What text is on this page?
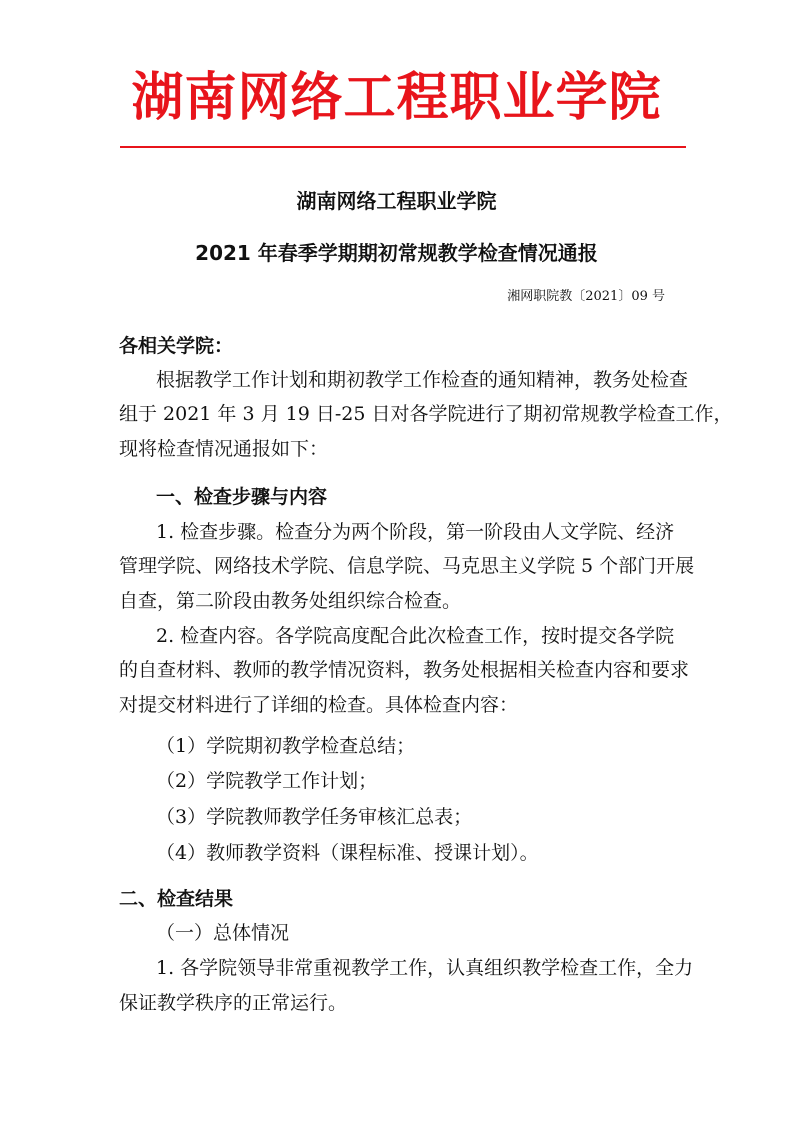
湖南网络工程职业学院
湖南网络工程职业学院
2021 年春季学期期初常规教学检查情况通报
湘网职院教〔2021〕09 号
各相关学院：
根据教学工作计划和期初教学工作检查的通知精神，教务处检查
组于 2021 年 3 月 19 日-25 日对各学院进行了期初常规教学检查工作，
现将检查情况通报如下：
一、检查步骤与内容
1. 检查步骤。检查分为两个阶段，第一阶段由人文学院、经济
管理学院、网络技术学院、信息学院、马克思主义学院 5 个部门开展
自查，第二阶段由教务处组织综合检查。
2. 检查内容。各学院高度配合此次检查工作，按时提交各学院
的自查材料、教师的教学情况资料，教务处根据相关检查内容和要求
对提交材料进行了详细的检查。具体检查内容：
（1）学院期初教学检查总结；
（2）学院教学工作计划；
（3）学院教师教学任务审核汇总表；
（4）教师教学资料（课程标准、授课计划）。
二、检查结果
（一）总体情况
1. 各学院领导非常重视教学工作，认真组织教学检查工作，全力
保证教学秩序的正常运行。
